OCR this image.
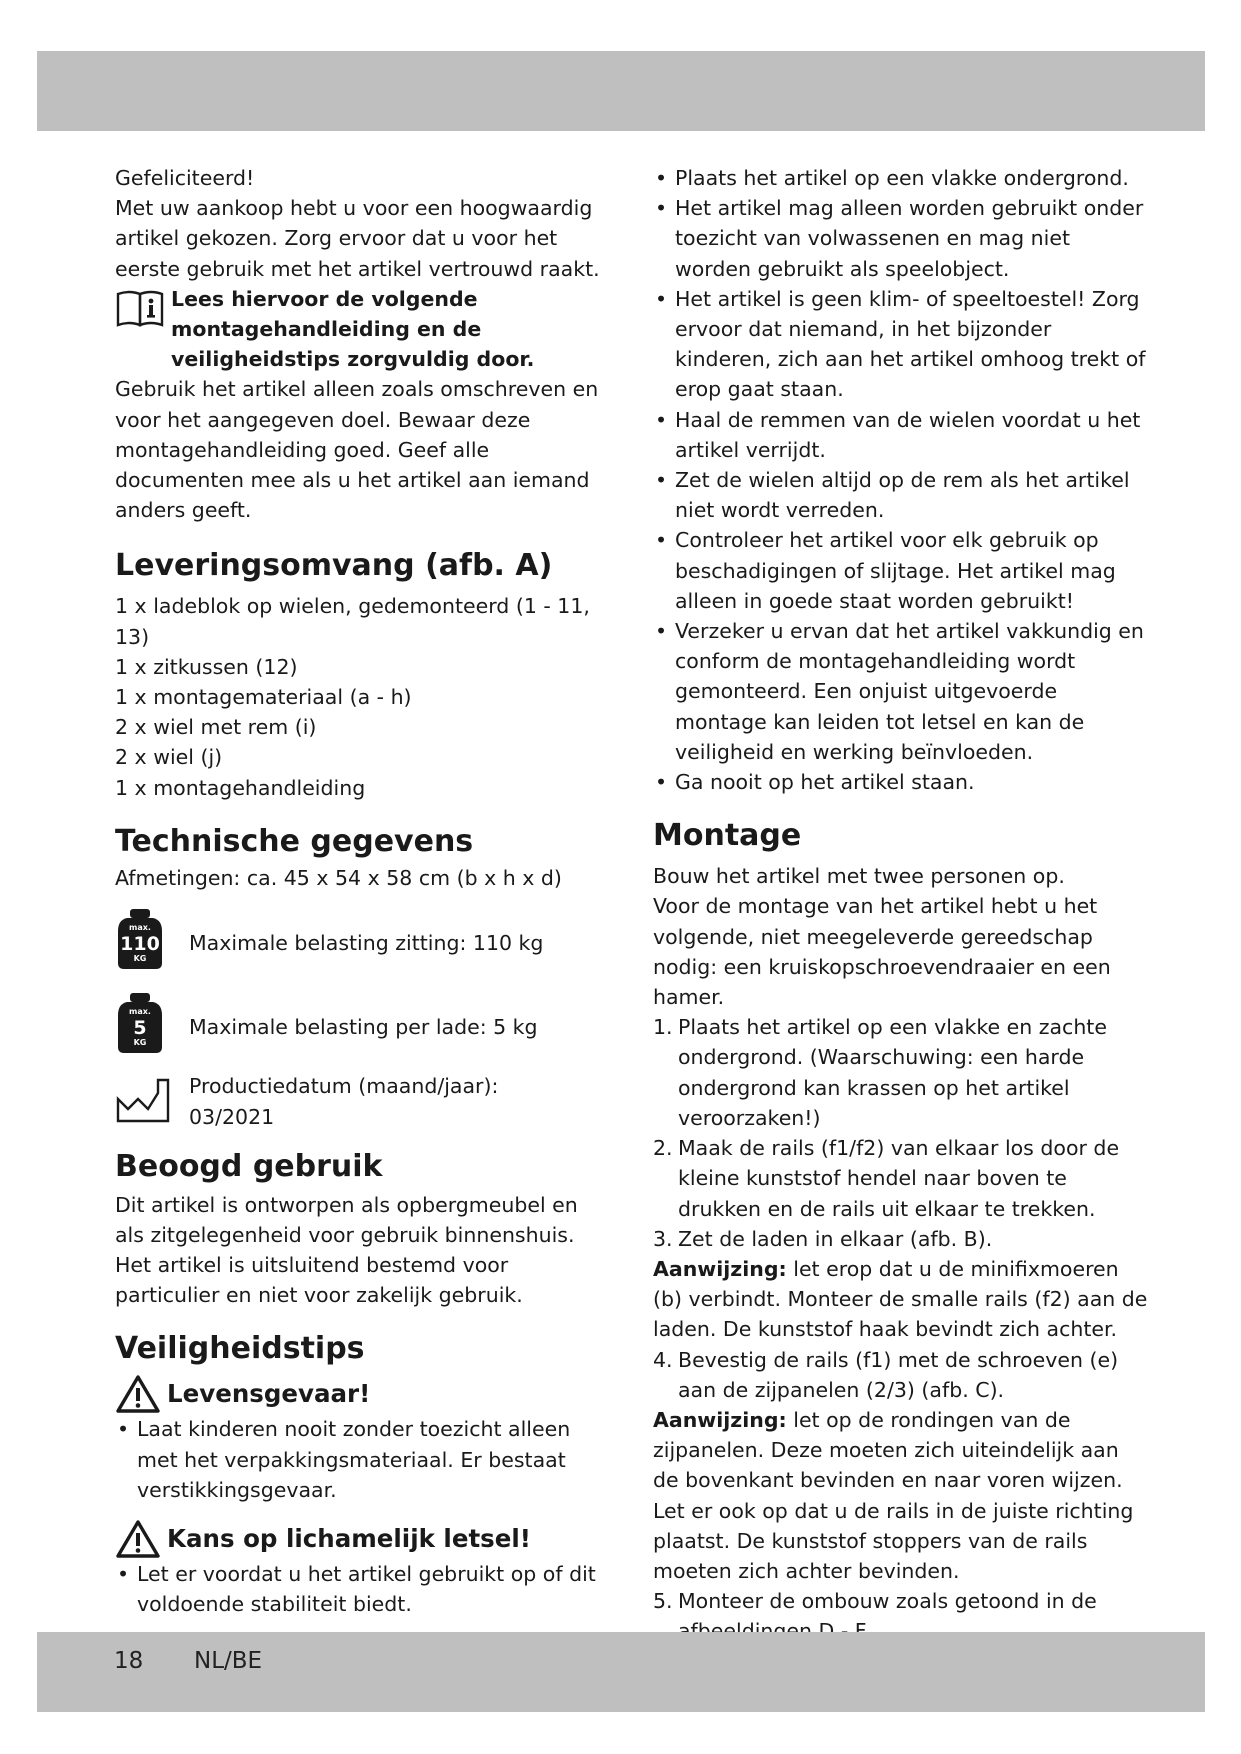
Gefeliciteerd!

Met uw aankoop hebt u voor een hoogwaardig artikel gekozen. Zorg ervoor dat u voor het eerste gebruik met het artikel vertrouwd raakt.

Lees hiervoor de volgende montagehandleiding en de veiligheidstips zorgvuldig door.

Gebruik het artikel alleen zoals omschreven en voor het aangegeven doel. Bewaar deze montagehandleiding goed. Geef alle documenten mee als u het artikel aan iemand anders geeft.

Leveringsomvang (afb. A)

1 x ladeblok op wielen, gedemonteerd (1 - 11, 13)

1 x zitkussen (12)

1 x montagemateriaal (a - h)

2 x wiel met rem (i)

2 x wiel (j)

1 x montagehandleiding

Technische gegevens

Afmetingen: ca. 45 x 54 x 58 cm (b x h x d)

max.
110
KG
Maximale belasting zitting: 110 kg
max.
5
KG
Maximale belasting per lade: 5 kg
Productiedatum (maand/jaar):
03/2021
Beoogd gebruik

Dit artikel is ontworpen als opbergmeubel en als zitgelegenheid voor gebruik binnenshuis. Het artikel is uitsluitend bestemd voor particulier en niet voor zakelijk gebruik.

Veiligheidstips
Levensgevaar!
• Laat kinderen nooit zonder toezicht alleen met het verpakkingsmateriaal. Er bestaat verstikkingsgevaar.
Kans op lichamelijk letsel!
• Let er voordat u het artikel gebruikt op of dit voldoende stabiliteit biedt.
• Plaats het artikel op een vlakke ondergrond.
• Het artikel mag alleen worden gebruikt onder toezicht van volwassenen en mag niet worden gebruikt als speelobject.
• Het artikel is geen klim- of speeltoestel! Zorg ervoor dat niemand, in het bijzonder kinderen, zich aan het artikel omhoog trekt of erop gaat staan.
• Haal de remmen van de wielen voordat u het artikel verrijdt.
• Zet de wielen altijd op de rem als het artikel niet wordt verreden.
• Controleer het artikel voor elk gebruik op beschadigingen of slijtage. Het artikel mag alleen in goede staat worden gebruikt!
• Verzeker u ervan dat het artikel vakkundig en conform de montagehandleiding wordt gemonteerd. Een onjuist uitgevoerde montage kan leiden tot letsel en kan de veiligheid en werking beïnvloeden.
• Ga nooit op het artikel staan.
Montage

Bouw het artikel met twee personen op.

Voor de montage van het artikel hebt u het volgende, niet meegeleverde gereedschap nodig: een kruiskopschroevendraaier en een hamer.

1. Plaats het artikel op een vlakke en zachte ondergrond. (Waarschuwing: een harde ondergrond kan krassen op het artikel veroorzaken!)
2. Maak de rails (f1/f2) van elkaar los door de kleine kunststof hendel naar boven te drukken en de rails uit elkaar te trekken.
3. Zet de laden in elkaar (afb. B).

Aanwijzing: let erop dat u de minifixmoeren (b) verbindt. Monteer de smalle rails (f2) aan de laden. De kunststof haak bevindt zich achter.

4. Bevestig de rails (f1) met de schroeven (e) aan de zijpanelen (2/3) (afb. C).

Aanwijzing: let op de rondingen van de zijpanelen. Deze moeten zich uiteindelijk aan de bovenkant bevinden en naar voren wijzen. Let er ook op dat u de rails in de juiste richting plaatst. De kunststof stoppers van de rails moeten zich achter bevinden.

5. Monteer de ombouw zoals getoond in de
18 NL/BE
